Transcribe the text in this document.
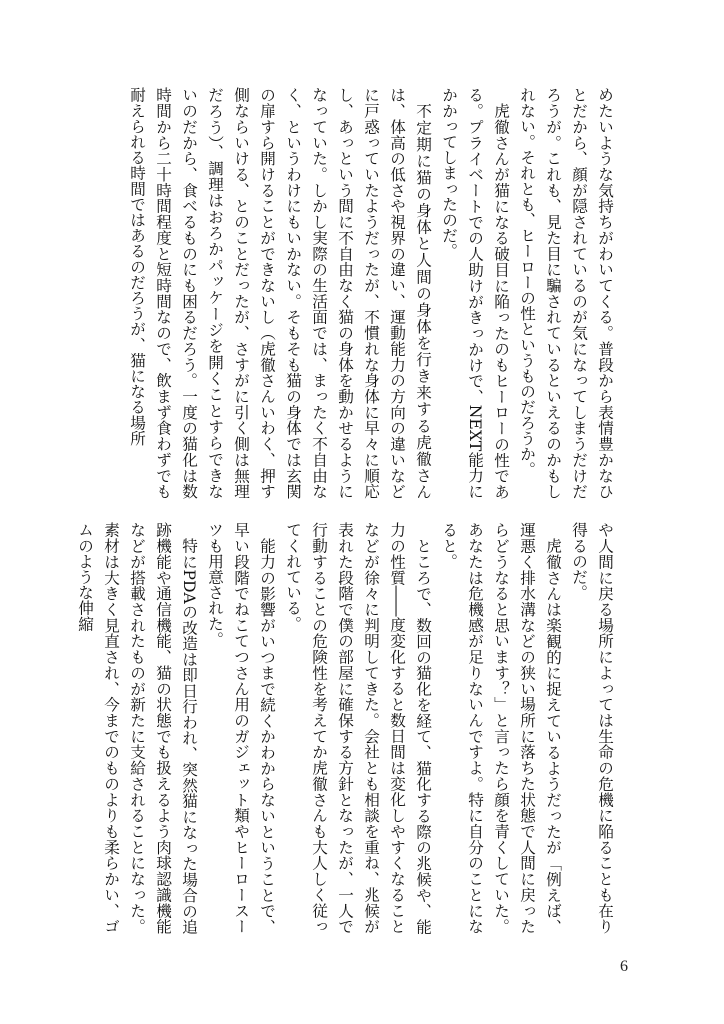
めたいような気持ちがわいてくる。普段から表情豊かなひとだから、顔が隠されているのが気になってしまうだけだろうが。これも、見た目に騙されているといえるのかもしれない。それとも、ヒーローの性というものだろうか。

虎徹さんが猫になる破目に陥ったのもヒーローの性である。プライベートでの人助けがきっかけで、NEXT能力にかかってしまったのだ。

不定期に猫の身体と人間の身体を行き来する虎徹さんは、体高の低さや視界の違い、運動能力の方向の違いなどに戸惑っていたようだったが、不慣れな身体に早々に順応し、あっという間に不自由なく猫の身体を動かせるようになっていた。しかし実際の生活面では、まったく不自由なく、というわけにもいかない。そもそも猫の身体では玄関の扉すら開けることができないし（虎徹さんいわく、押す側ならいける、とのことだったが、さすがに引く側は無理だろう）、調理はおろかパッケージを開くことすらできないのだから、食べるものにも困るだろう。一度の猫化は数時間から二十時間程度と短時間なので、飲まず食わずでも耐えられる時間ではあるのだろうが、猫になる場所

や人間に戻る場所によっては生命の危機に陥ることも在り得るのだ。

虎徹さんは楽観的に捉えているようだったが「例えば、運悪く排水溝などの狭い場所に落ちた状態で人間に戻ったらどうなると思います？」と言ったら顔を青くしていた。あなたは危機感が足りないんですよ。特に自分のことになると。

ところで、数回の猫化を経て、猫化する際の兆候や、能力の性質――度変化すると数日間は変化しやすくなることなどが徐々に判明してきた。会社とも相談を重ね、兆候が表れた段階で僕の部屋に確保する方針となったが、一人で行動することの危険性を考えてか虎徹さんも大人しく従ってくれている。

能力の影響がいつまで続くかわからないということで、早い段階でねこてつさん用のガジェット類やヒーロースーツも用意された。

特にPDAの改造は即日行われ、突然猫になった場合の追跡機能や通信機能、猫の状態でも扱えるよう肉球認識機能などが搭載されたものが新たに支給されることになった。素材は大きく見直され、今までのものよりも柔らかい、ゴムのような伸縮

6
